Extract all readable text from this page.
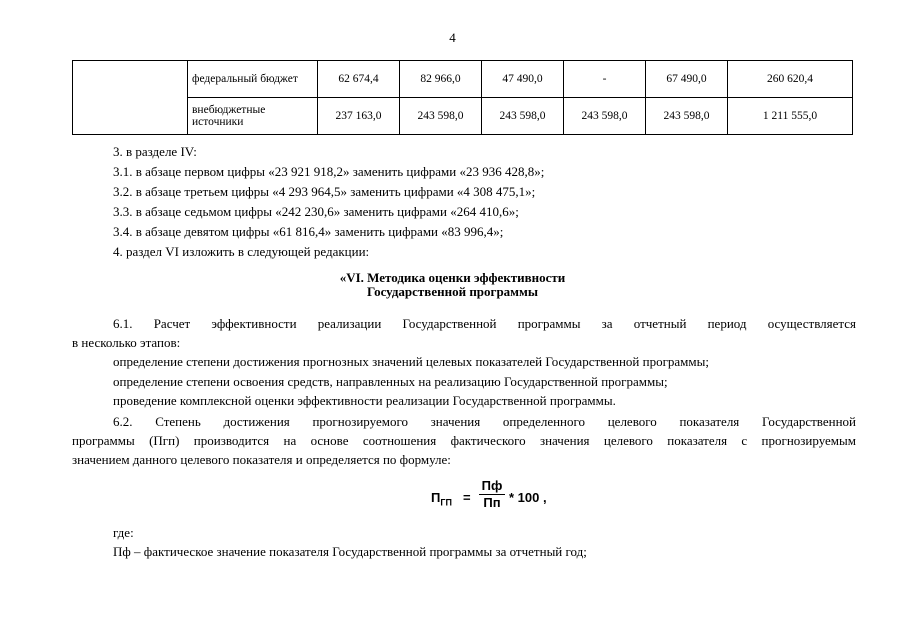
4
	федеральный бюджет	62 674,4	82 966,0	47 490,0	-	67 490,0	260 620,4
	внебюджетные источники	237 163,0	243 598,0	243 598,0	243 598,0	243 598,0	1 211 555,0
3. в разделе IV:
3.1. в абзаце первом цифры «23 921 918,2» заменить цифрами «23 936 428,8»;
3.2. в абзаце третьем цифры «4 293 964,5» заменить цифрами «4 308 475,1»;
3.3. в абзаце седьмом цифры «242 230,6» заменить цифрами «264 410,6»;
3.4. в абзаце девятом цифры «61 816,4» заменить цифрами «83 996,4»;
4. раздел VI изложить в следующей редакции:
«VI. Методика оценки эффективности
Государственной программы
6.1. Расчет эффективности реализации Государственной программы за отчетный период осуществляется
в несколько этапов:
определение степени достижения прогнозных значений целевых показателей Государственной программы;
определение степени освоения средств, направленных на реализацию Государственной программы;
проведение комплексной оценки эффективности реализации Государственной программы.
6.2. Степень достижения прогнозируемого значения определенного целевого показателя Государственной
программы (Пгп) производится на основе соотношения фактического значения целевого показателя с прогнозируемым
значением данного целевого показателя и определяется по формуле:
$П_{ГП}$ =
Пф
Пп * 100 ,
где:
Пф – фактическое значение показателя Государственной программы за отчетный год;
